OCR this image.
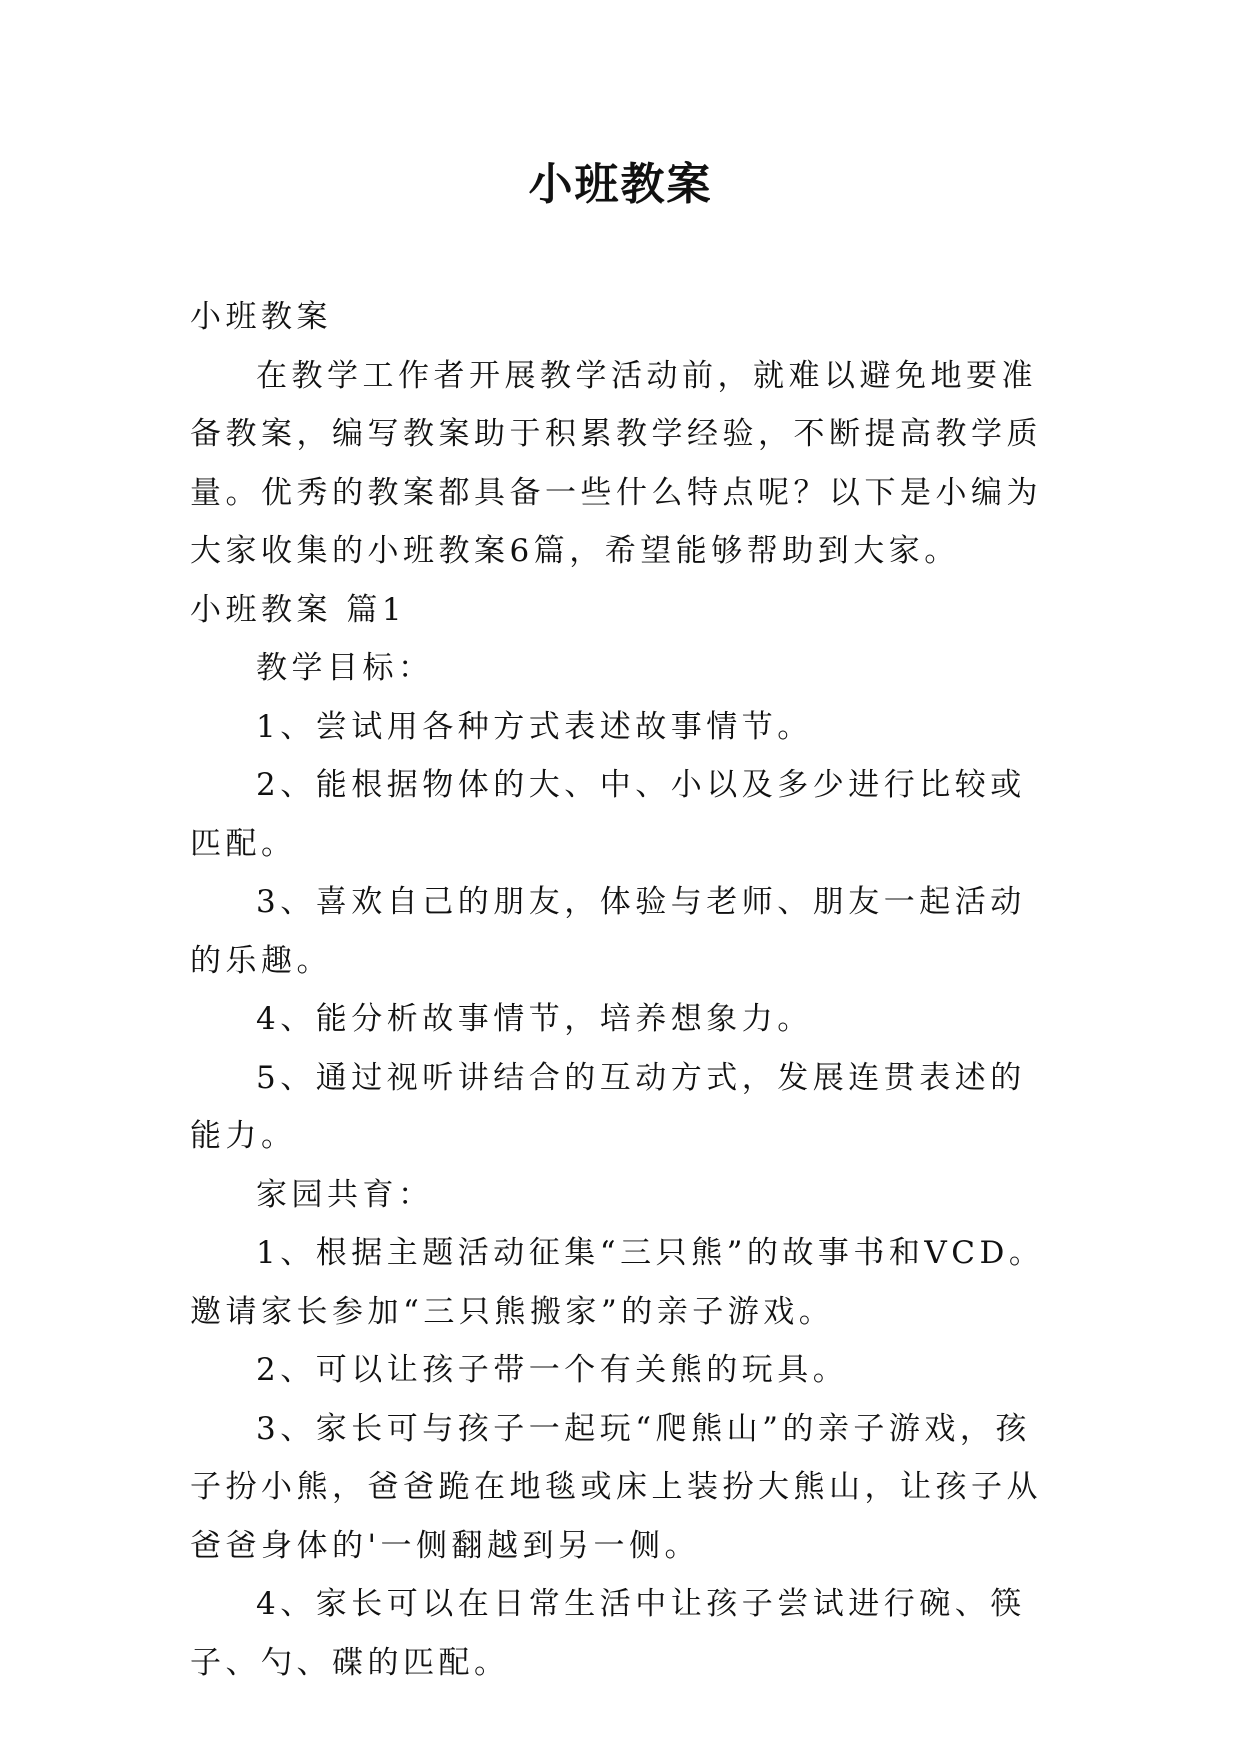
小班教案

小班教案

在教学工作者开展教学活动前，就难以避免地要准备教案，编写教案助于积累教学经验，不断提高教学质量。优秀的教案都具备一些什么特点呢？以下是小编为大家收集的小班教案6篇，希望能够帮助到大家。

小班教案 篇1

教学目标：

1、尝试用各种方式表述故事情节。

2、能根据物体的大、中、小以及多少进行比较或匹配。

3、喜欢自己的朋友，体验与老师、朋友一起活动的乐趣。

4、能分析故事情节，培养想象力。

5、通过视听讲结合的互动方式，发展连贯表述的能力。

家园共育：

1、根据主题活动征集“三只熊”的故事书和VCD。邀请家长参加“三只熊搬家”的亲子游戏。

2、可以让孩子带一个有关熊的玩具。

3、家长可与孩子一起玩“爬熊山”的亲子游戏，孩子扮小熊，爸爸跪在地毯或床上装扮大熊山，让孩子从爸爸身体的'一侧翻越到另一侧。

4、家长可以在日常生活中让孩子尝试进行碗、筷子、勺、碟的匹配。
